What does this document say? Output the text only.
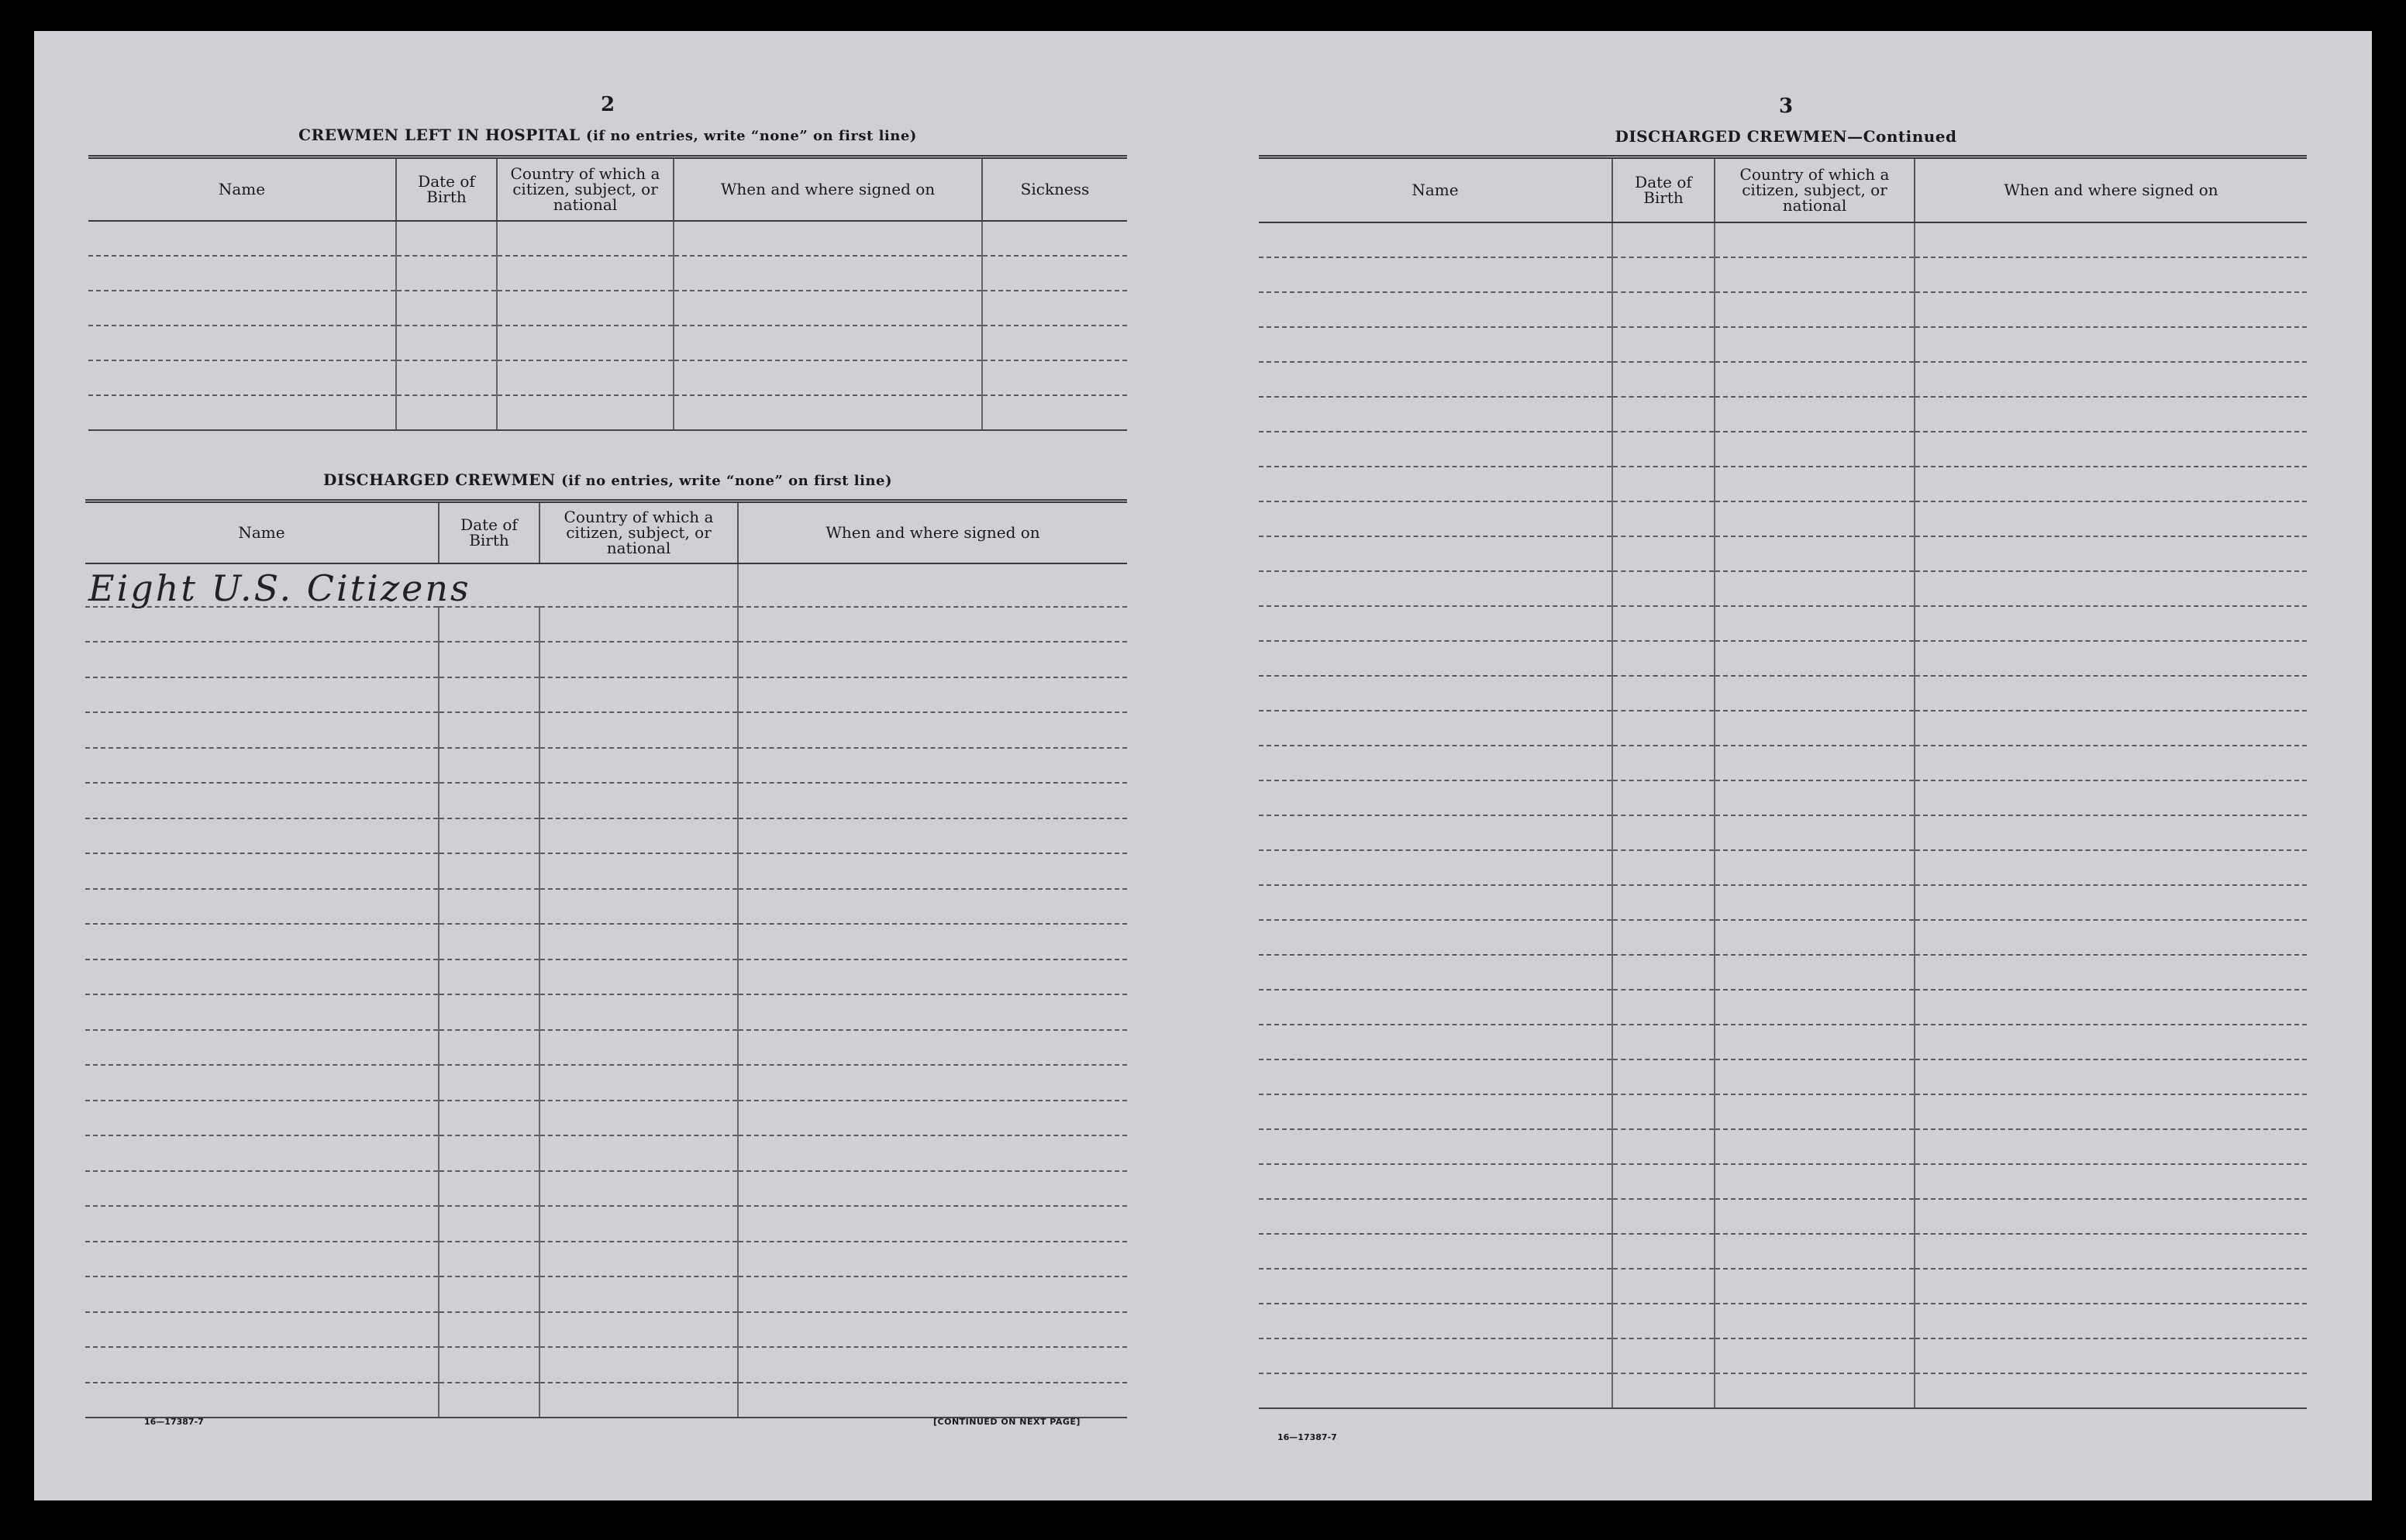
2
CREWMEN LEFT IN HOSPITAL (if no entries, write “none” on first line)
Name	Date of Birth	Country of which a citizen, subject, or national	When and where signed on	Sickness

DISCHARGED CREWMEN (if no entries, write “none” on first line)
Name	Date of Birth	Country of which a citizen, subject, or national	When and where signed on
Eight U.S. Citizens			

16—17387-7	[CONTINUED ON NEXT PAGE]
3
DISCHARGED CREWMEN—Continued
Name	Date of Birth	Country of which a citizen, subject, or national	When and where signed on

16—17387-7
